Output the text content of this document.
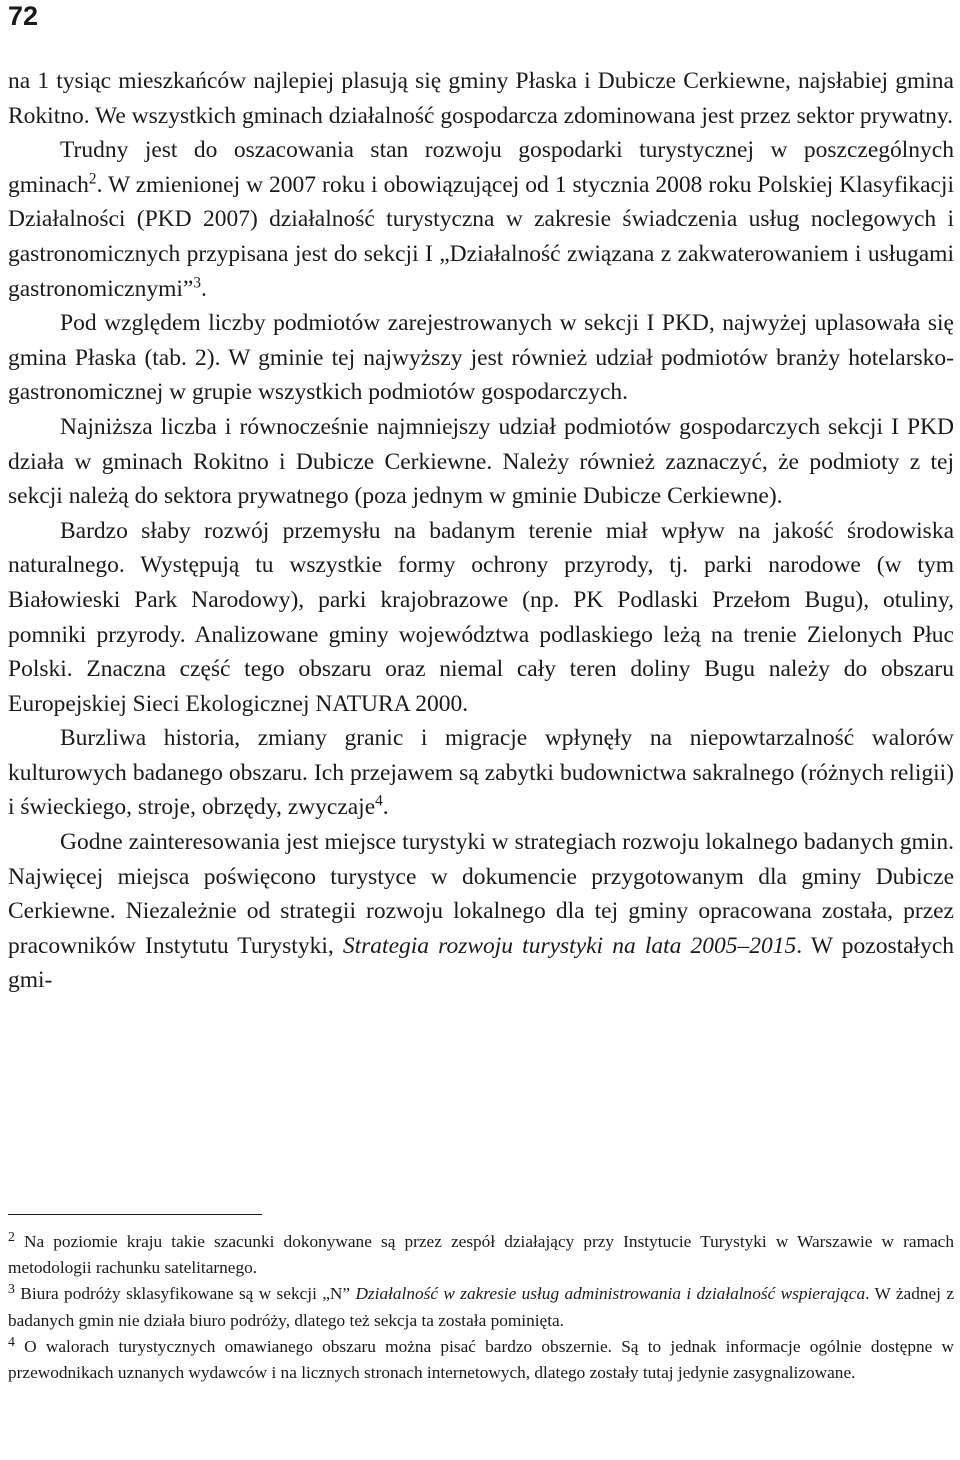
72

na 1 tysiąc mieszkańców najlepiej plasują się gminy Płaska i Dubicze Cerkiewne, najsłabiej gmina Rokitno. We wszystkich gminach działalność gospodarcza zdominowana jest przez sektor prywatny.

Trudny jest do oszacowania stan rozwoju gospodarki turystycznej w poszczególnych gminach$^2$. W zmienionej w 2007 roku i obowiązującej od 1 stycznia 2008 roku Polskiej Klasyfikacji Działalności (PKD 2007) działalność turystyczna w zakresie świadczenia usług noclegowych i gastronomicznych przypisana jest do sekcji I „Działalność związana z zakwaterowaniem i usługami gastronomicznymi”$^3$.

Pod względem liczby podmiotów zarejestrowanych w sekcji I PKD, najwyżej uplasowała się gmina Płaska (tab. 2). W gminie tej najwyższy jest również udział podmiotów branży hotelarsko-gastronomicznej w grupie wszystkich podmiotów gospodarczych.

Najniższa liczba i równocześnie najmniejszy udział podmiotów gospodarczych sekcji I PKD działa w gminach Rokitno i Dubicze Cerkiewne. Należy również zaznaczyć, że podmioty z tej sekcji należą do sektora prywatnego (poza jednym w gminie Dubicze Cerkiewne).

Bardzo słaby rozwój przemysłu na badanym terenie miał wpływ na jakość środowiska naturalnego. Występują tu wszystkie formy ochrony przyrody, tj. parki narodowe (w tym Białowieski Park Narodowy), parki krajobrazowe (np. PK Podlaski Przełom Bugu), otuliny, pomniki przyrody. Analizowane gminy województwa podlaskiego leżą na trenie Zielonych Płuc Polski. Znaczna część tego obszaru oraz niemal cały teren doliny Bugu należy do obszaru Europejskiej Sieci Ekologicznej NATURA 2000.

Burzliwa historia, zmiany granic i migracje wpłynęły na niepowtarzalność walorów kulturowych badanego obszaru. Ich przejawem są zabytki budownictwa sakralnego (różnych religii) i świeckiego, stroje, obrzędy, zwyczaje$^4$.

Godne zainteresowania jest miejsce turystyki w strategiach rozwoju lokalnego badanych gmin. Najwięcej miejsca poświęcono turystyce w dokumencie przygotowanym dla gminy Dubicze Cerkiewne. Niezależnie od strategii rozwoju lokalnego dla tej gminy opracowana została, przez pracowników Instytutu Turystyki, Strategia rozwoju turystyki na lata 2005–2015. W pozostałych gmi-

$^2$ Na poziomie kraju takie szacunki dokonywane są przez zespół działający przy Instytucie Turystyki w Warszawie w ramach metodologii rachunku satelitarnego.

$^3$ Biura podróży sklasyfikowane są w sekcji „N” Działalność w zakresie usług administrowania i działalność wspierająca. W żadnej z badanych gmin nie działa biuro podróży, dlatego też sekcja ta została pominięta.

$^4$ O walorach turystycznych omawianego obszaru można pisać bardzo obszernie. Są to jednak informacje ogólnie dostępne w przewodnikach uznanych wydawców i na licznych stronach internetowych, dlatego zostały tutaj jedynie zasygnalizowane.
